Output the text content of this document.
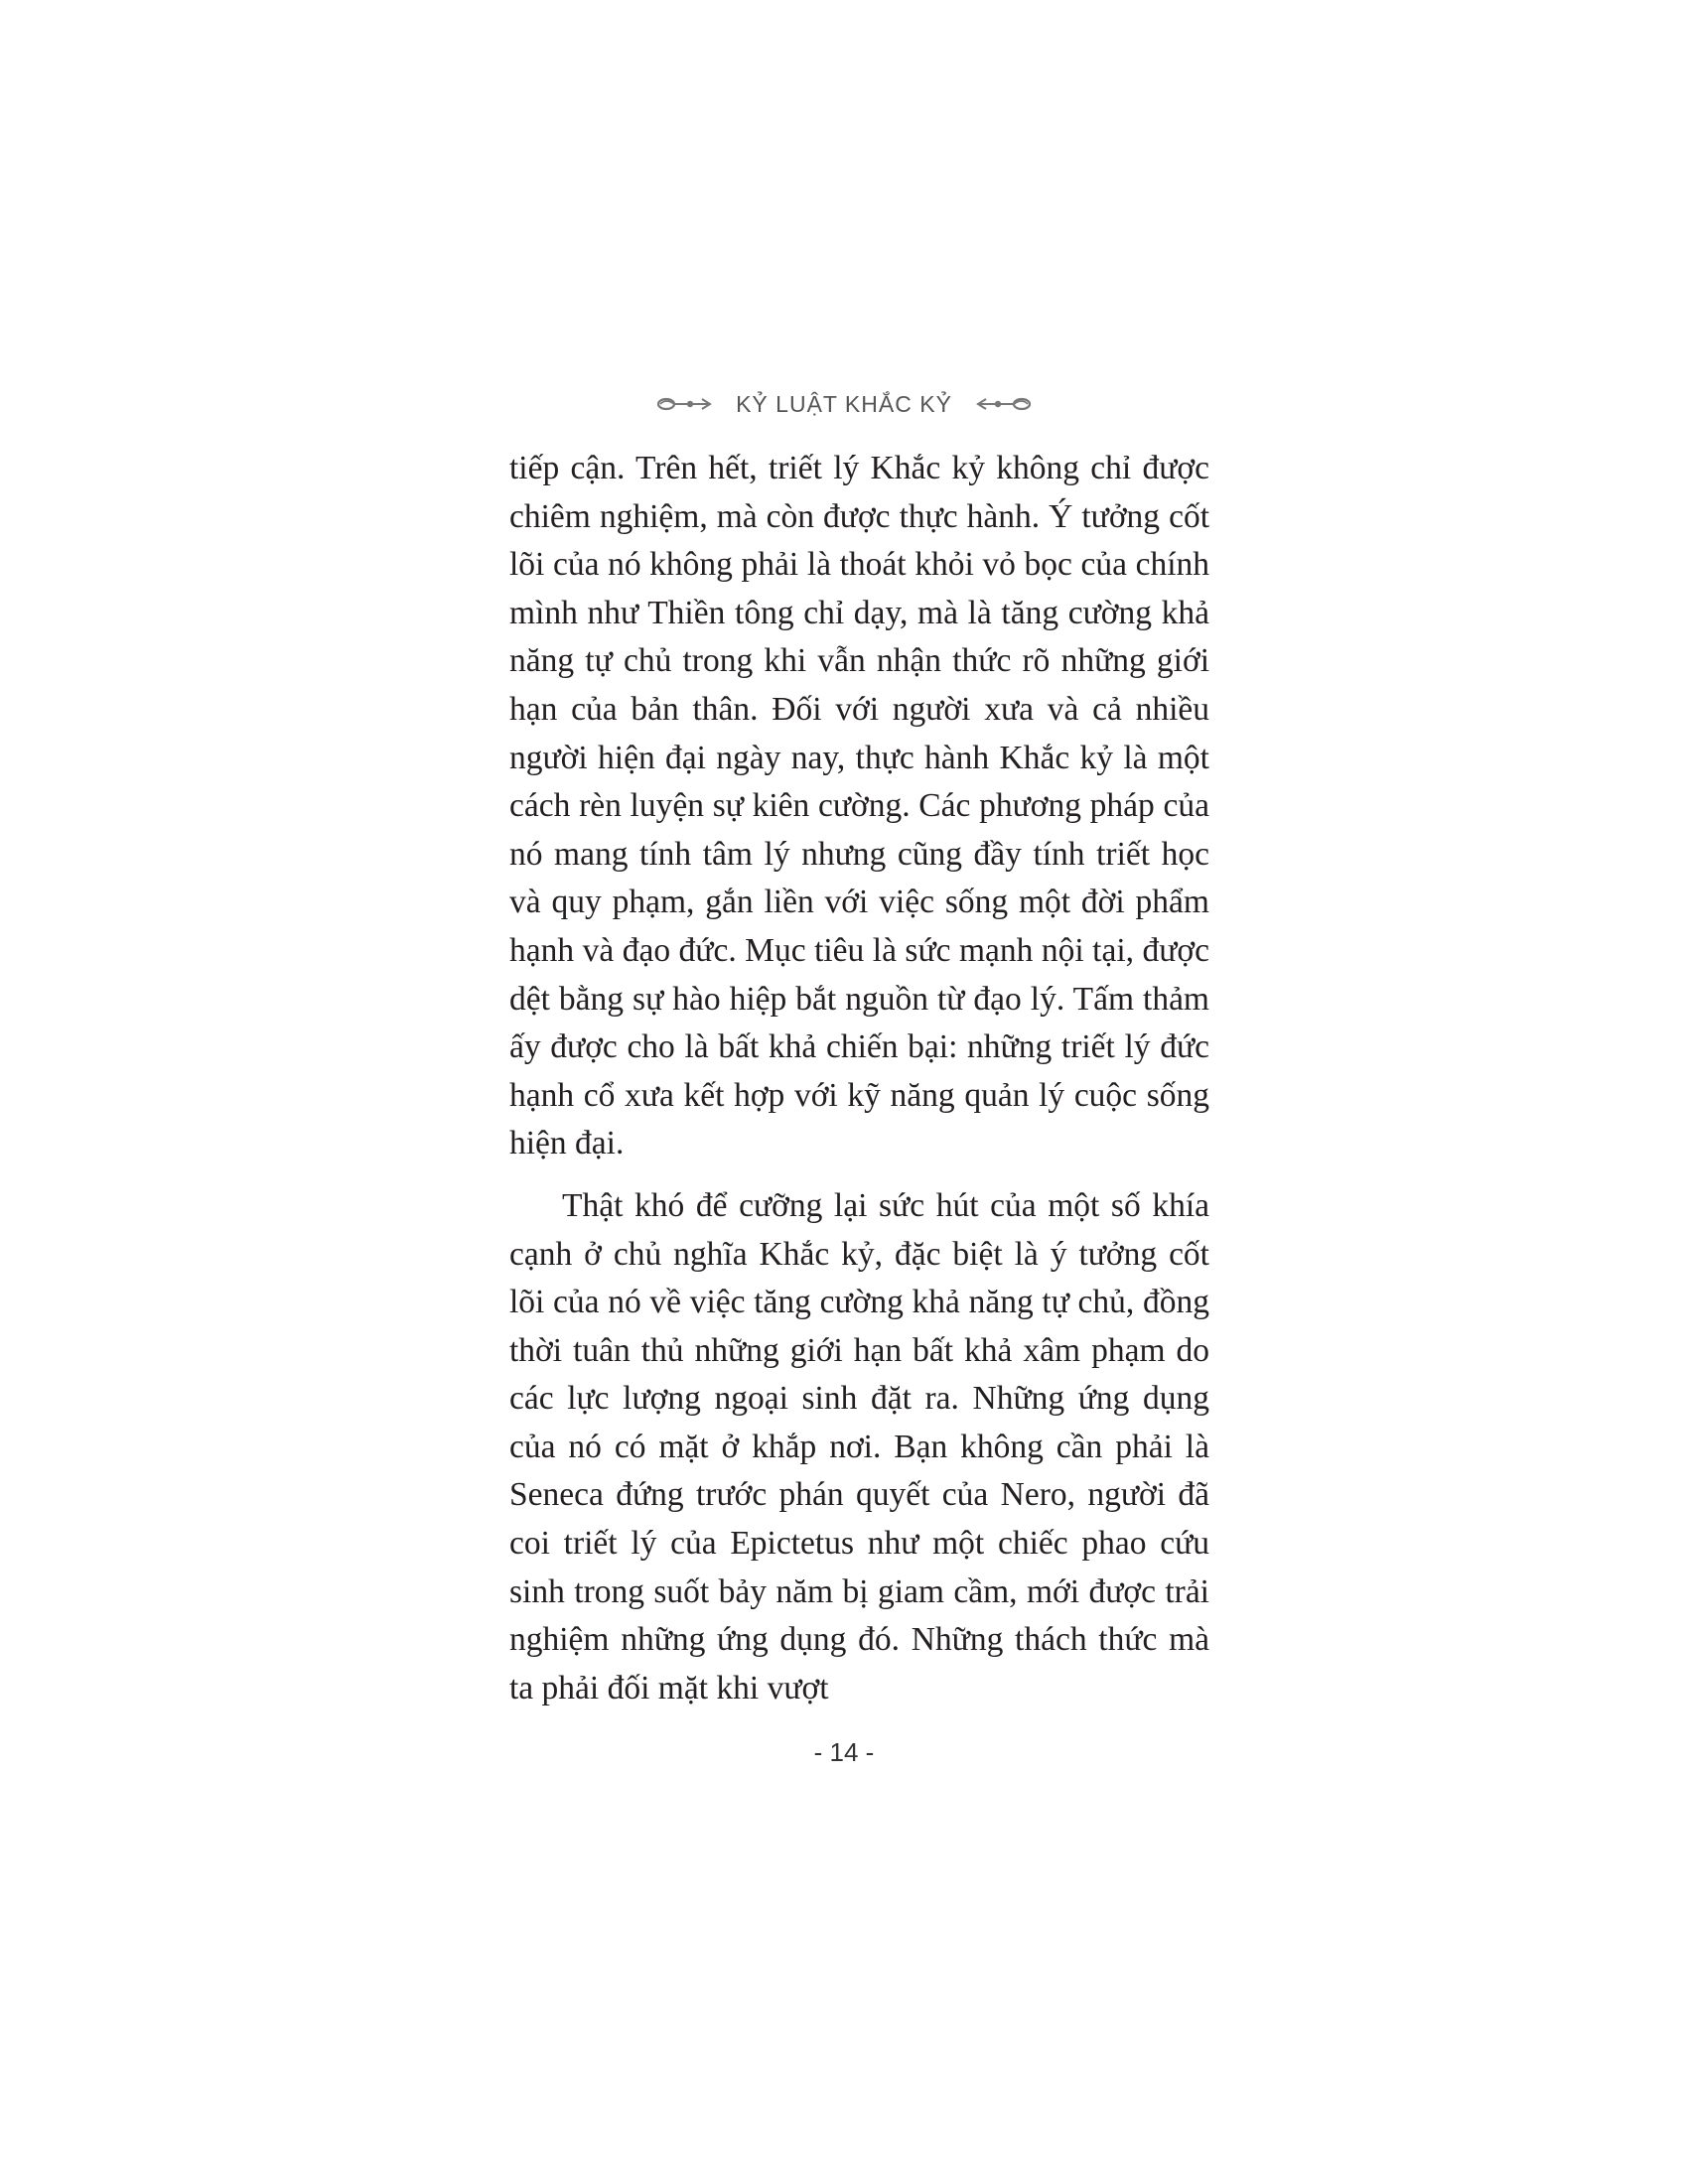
KỶ LUẬT KHẮC KỶ

tiếp cận. Trên hết, triết lý Khắc kỷ không chỉ được chiêm nghiệm, mà còn được thực hành. Ý tưởng cốt lõi của nó không phải là thoát khỏi vỏ bọc của chính mình như Thiền tông chỉ dạy, mà là tăng cường khả năng tự chủ trong khi vẫn nhận thức rõ những giới hạn của bản thân. Đối với người xưa và cả nhiều người hiện đại ngày nay, thực hành Khắc kỷ là một cách rèn luyện sự kiên cường. Các phương pháp của nó mang tính tâm lý nhưng cũng đầy tính triết học và quy phạm, gắn liền với việc sống một đời phẩm hạnh và đạo đức. Mục tiêu là sức mạnh nội tại, được dệt bằng sự hào hiệp bắt nguồn từ đạo lý. Tấm thảm ấy được cho là bất khả chiến bại: những triết lý đức hạnh cổ xưa kết hợp với kỹ năng quản lý cuộc sống hiện đại.

Thật khó để cưỡng lại sức hút của một số khía cạnh ở chủ nghĩa Khắc kỷ, đặc biệt là ý tưởng cốt lõi của nó về việc tăng cường khả năng tự chủ, đồng thời tuân thủ những giới hạn bất khả xâm phạm do các lực lượng ngoại sinh đặt ra. Những ứng dụng của nó có mặt ở khắp nơi. Bạn không cần phải là Seneca đứng trước phán quyết của Nero, người đã coi triết lý của Epictetus như một chiếc phao cứu sinh trong suốt bảy năm bị giam cầm, mới được trải nghiệm những ứng dụng đó. Những thách thức mà ta phải đối mặt khi vượt

- 14 -
